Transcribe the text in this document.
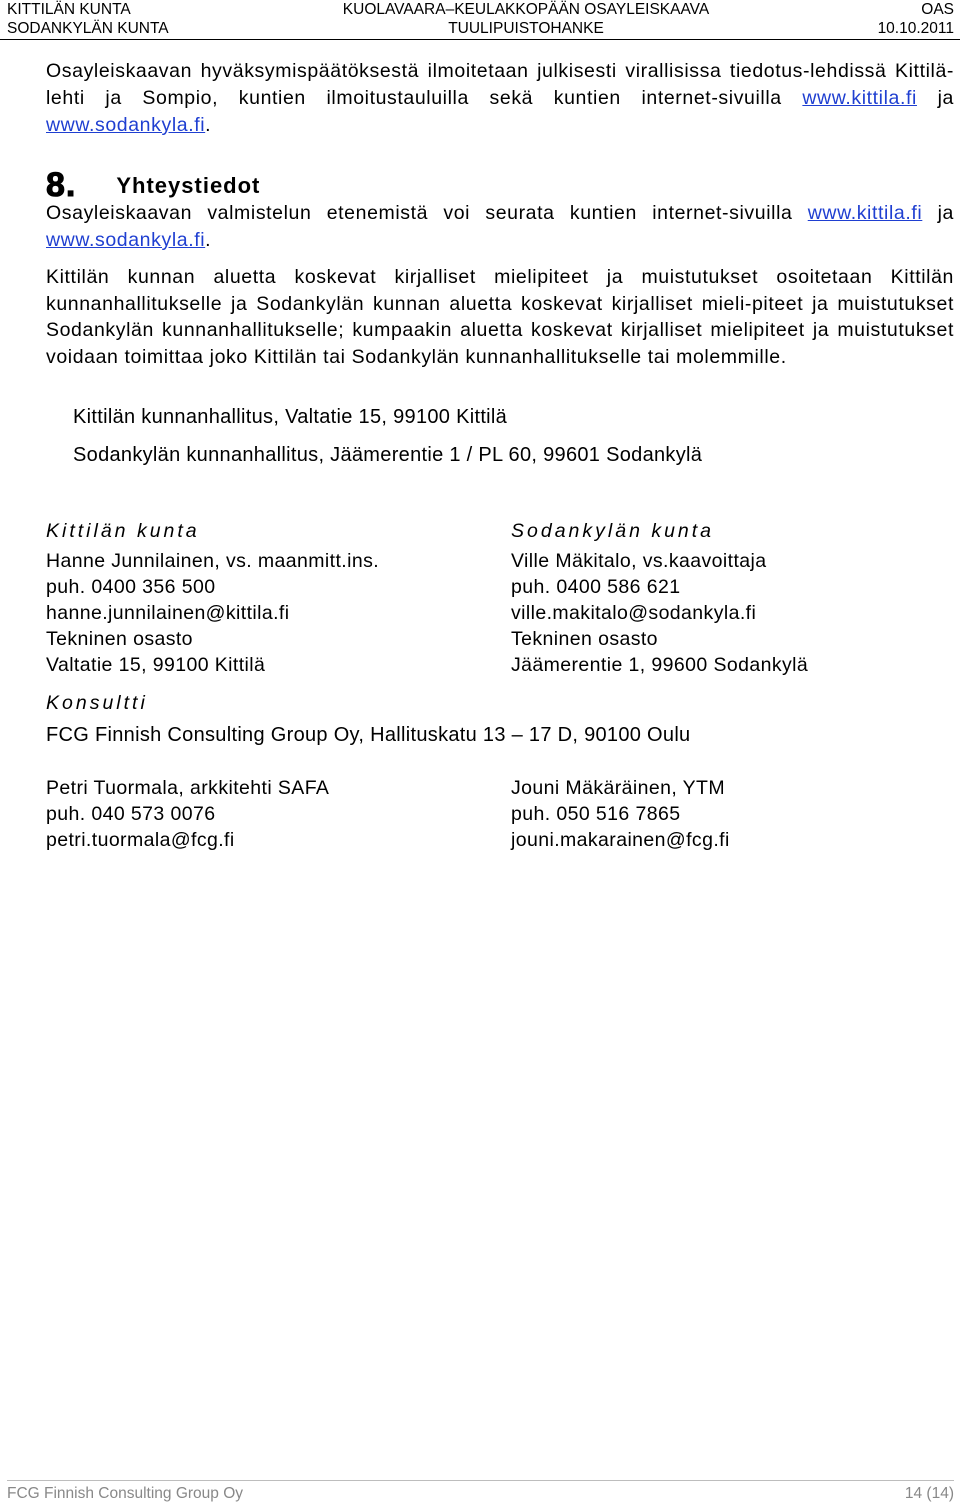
KITTILÄN KUNTA
SODANKYLÄN KUNTA
KUOLAVAARA–KEULAKKOPÄÄN OSAYLEISKAAVA
TUULIPUISTOHANKE
OAS
10.10.2011
Osayleiskaavan hyväksymispäätöksestä ilmoitetaan julkisesti virallisissa tiedotus-lehdissä Kittilä-lehti ja Sompio, kuntien ilmoitustauluilla sekä kuntien internet-sivuilla www.kittila.fi ja www.sodankyla.fi.
8. Yhteystiedot
Osayleiskaavan valmistelun etenemistä voi seurata kuntien internet-sivuilla www.kittila.fi ja www.sodankyla.fi.
Kittilän kunnan aluetta koskevat kirjalliset mielipiteet ja muistutukset osoitetaan Kittilän kunnanhallitukselle ja Sodankylän kunnan aluetta koskevat kirjalliset mieli-piteet ja muistutukset Sodankylän kunnanhallitukselle; kumpaakin aluetta koskevat kirjalliset mielipiteet ja muistutukset voidaan toimittaa joko Kittilän tai Sodankylän kunnanhallitukselle tai molemmille.
Kittilän kunnanhallitus, Valtatie 15, 99100 Kittilä
Sodankylän kunnanhallitus, Jäämerentie 1 / PL 60, 99601 Sodankylä
Kittilän kunta
Hanne Junnilainen, vs. maanmitt.ins.
puh. 0400 356 500
hanne.junnilainen@kittila.fi
Tekninen osasto
Valtatie 15, 99100 Kittilä
Sodankylän kunta
Ville Mäkitalo, vs.kaavoittaja
puh. 0400 586 621
ville.makitalo@sodankyla.fi
Tekninen osasto
Jäämerentie 1, 99600 Sodankylä
Konsultti
FCG Finnish Consulting Group Oy, Hallituskatu 13 – 17 D, 90100 Oulu
Petri Tuormala, arkkitehti SAFA
puh. 040 573 0076
petri.tuormala@fcg.fi
Jouni Mäkäräinen, YTM
puh. 050 516 7865
jouni.makarainen@fcg.fi
FCG Finnish Consulting Group Oy	14 (14)
